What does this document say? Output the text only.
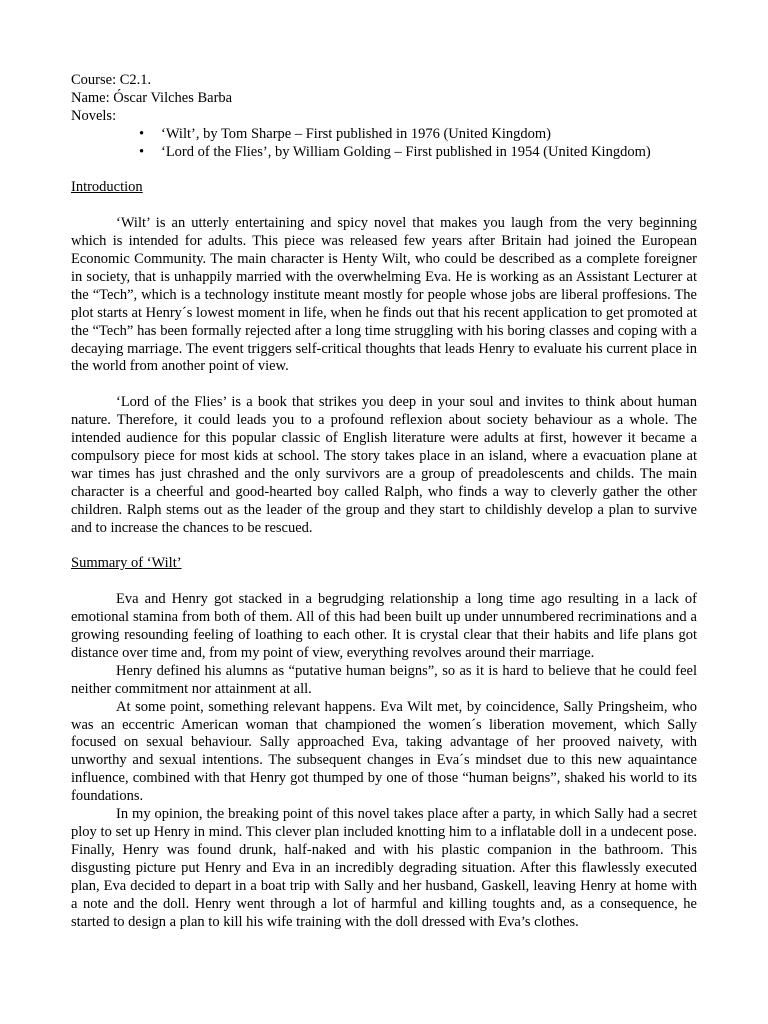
Course: C2.1.

Name: Óscar Vilches Barba

Novels:

• ‘Wilt’, by Tom Sharpe – First published in 1976 (United Kingdom)
• ‘Lord of the Flies’, by William Golding – First published in 1954 (United Kingdom)

Introduction

‘Wilt’ is an utterly entertaining and spicy novel that makes you laugh from the very beginning which is intended for adults. This piece was released few years after Britain had joined the European Economic Community. The main character is Henty Wilt, who could be described as a complete foreigner in society, that is unhappily married with the overwhelming Eva. He is working as an Assistant Lecturer at the “Tech”, which is a technology institute meant mostly for people whose jobs are liberal proffesions. The plot starts at Henry´s lowest moment in life, when he finds out that his recent application to get promoted at the “Tech” has been formally rejected after a long time struggling with his boring classes and coping with a decaying marriage. The event triggers self-critical thoughts that leads Henry to evaluate his current place in the world from another point of view.

‘Lord of the Flies’ is a book that strikes you deep in your soul and invites to think about human nature. Therefore, it could leads you to a profound reflexion about society behaviour as a whole. The intended audience for this popular classic of English literature were adults at first, however it became a compulsory piece for most kids at school. The story takes place in an island, where a evacuation plane at war times has just chrashed and the only survivors are a group of preadolescents and childs. The main character is a cheerful and good-hearted boy called Ralph, who finds a way to cleverly gather the other children. Ralph stems out as the leader of the group and they start to childishly develop a plan to survive and to increase the chances to be rescued.

Summary of ‘Wilt’

Eva and Henry got stacked in a begrudging relationship a long time ago resulting in a lack of emotional stamina from both of them. All of this had been built up under unnumbered recriminations and a growing resounding feeling of loathing to each other. It is crystal clear that their habits and life plans got distance over time and, from my point of view, everything revolves around their marriage.

Henry defined his alumns as “putative human beigns”, so as it is hard to believe that he could feel neither commitment nor attainment at all.

At some point, something relevant happens. Eva Wilt met, by coincidence, Sally Pringsheim, who was an eccentric American woman that championed the women´s liberation movement, which Sally focused on sexual behaviour. Sally approached Eva, taking advantage of her prooved naivety, with unworthy and sexual intentions. The subsequent changes in Eva´s mindset due to this new aquaintance influence, combined with that Henry got thumped by one of those “human beigns”, shaked his world to its foundations.

In my opinion, the breaking point of this novel takes place after a party, in which Sally had a secret ploy to set up Henry in mind. This clever plan included knotting him to a inflatable doll in a undecent pose. Finally, Henry was found drunk, half-naked and with his plastic companion in the bathroom. This disgusting picture put Henry and Eva in an incredibly degrading situation. After this flawlessly executed plan, Eva decided to depart in a boat trip with Sally and her husband, Gaskell, leaving Henry at home with a note and the doll. Henry went through a lot of harmful and killing toughts and, as a consequence, he started to design a plan to kill his wife training with the doll dressed with Eva’s clothes.
